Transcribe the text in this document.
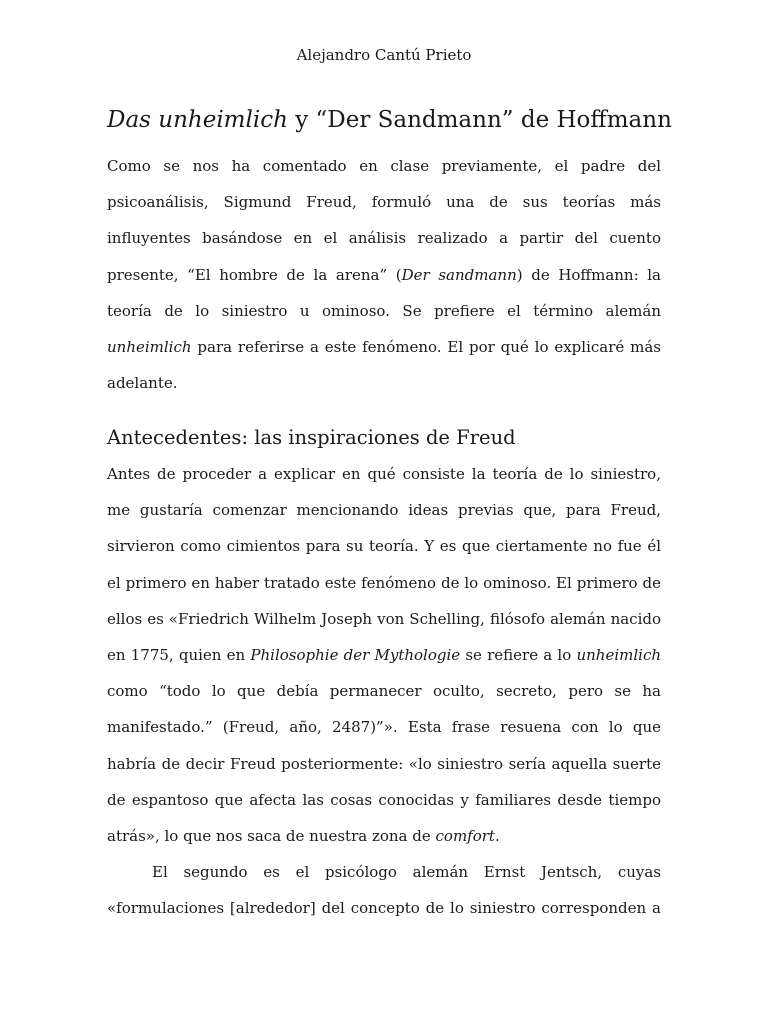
Alejandro Cantú Prieto
Das unheimlich y “Der Sandmann” de Hoffmann
Como se nos ha comentado en clase previamente, el padre del
psicoanálisis, Sigmund Freud, formuló una de sus teorías más
influyentes basándose en el análisis realizado a partir del cuento
presente, “El hombre de la arena” (Der sandmann) de Hoffmann: la
teoría de lo siniestro u ominoso. Se prefiere el término alemán
unheimlich para referirse a este fenómeno. El por qué lo explicaré más
adelante.
Antecedentes: las inspiraciones de Freud
Antes de proceder a explicar en qué consiste la teoría de lo siniestro,
me gustaría comenzar mencionando ideas previas que, para Freud,
sirvieron como cimientos para su teoría. Y es que ciertamente no fue él
el primero en haber tratado este fenómeno de lo ominoso. El primero de
ellos es «Friedrich Wilhelm Joseph von Schelling, filósofo alemán nacido
en 1775, quien en Philosophie der Mythologie se refiere a lo unheimlich
como “todo lo que debía permanecer oculto, secreto, pero se ha
manifestado.” (Freud, año, 2487)”». Esta frase resuena con lo que
habría de decir Freud posteriormente: «lo siniestro sería aquella suerte
de espantoso que afecta las cosas conocidas y familiares desde tiempo
atrás», lo que nos saca de nuestra zona de comfort.
El segundo es el psicólogo alemán Ernst Jentsch, cuyas
«formulaciones [alrededor] del concepto de lo siniestro corresponden a
